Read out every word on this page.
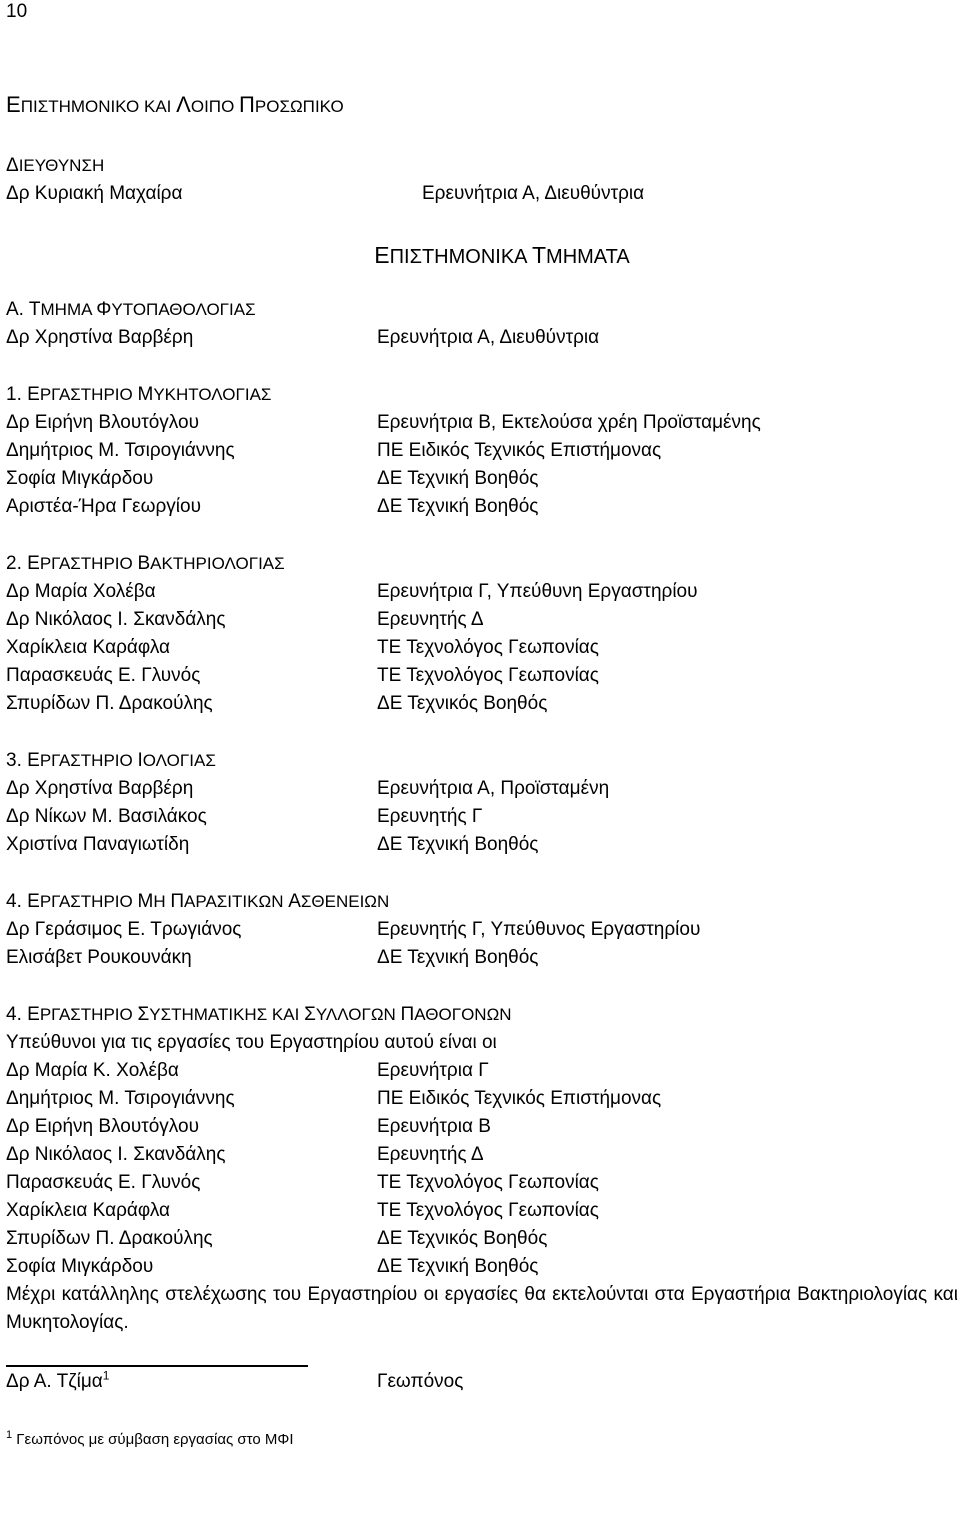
10
ΕΠΙΣΤΗΜΟΝΙΚΟ ΚΑΙ ΛΟΙΠΟ ΠΡΟΣΩΠΙΚΟ
ΔΙΕΥΘΥΝΣΗ
Δρ Κυριακή Μαχαίρα	Ερευνήτρια Α, Διευθύντρια
ΕΠΙΣΤΗΜΟΝΙΚΑ ΤΜΗΜΑΤΑ
Α. ΤΜΗΜΑ ΦΥΤΟΠΑΘΟΛΟΓΙΑΣ
Δρ Χρηστίνα Βαρβέρη	Ερευνήτρια Α, Διευθύντρια
1. ΕΡΓΑΣΤΗΡΙΟ ΜΥΚΗΤΟΛΟΓΙΑΣ
Δρ Ειρήνη Βλουτόγλου	Ερευνήτρια Β, Εκτελούσα χρέη Προϊσταμένης
Δημήτριος Μ. Τσιρογιάννης	ΠΕ Ειδικός Τεχνικός Επιστήμονας
Σοφία Μιγκάρδου	ΔΕ Τεχνική Βοηθός
Αριστέα-Ήρα Γεωργίου	ΔΕ Τεχνική Βοηθός
2. ΕΡΓΑΣΤΗΡΙΟ ΒΑΚΤΗΡΙΟΛΟΓΙΑΣ
Δρ Μαρία Χολέβα	Ερευνήτρια Γ, Υπεύθυνη Εργαστηρίου
Δρ Νικόλαος Ι. Σκανδάλης	Ερευνητής Δ
Χαρίκλεια Καράφλα	ΤΕ Τεχνολόγος Γεωπονίας
Παρασκευάς Ε. Γλυνός	ΤΕ Τεχνολόγος Γεωπονίας
Σπυρίδων Π. Δρακούλης	ΔΕ Τεχνικός Βοηθός
3. ΕΡΓΑΣΤΗΡΙΟ ΙΟΛΟΓΙΑΣ
Δρ Χρηστίνα Βαρβέρη	Ερευνήτρια Α, Προϊσταμένη
Δρ Νίκων Μ. Βασιλάκος	Ερευνητής Γ
Χριστίνα Παναγιωτίδη	ΔΕ Τεχνική Βοηθός
4. ΕΡΓΑΣΤΗΡΙΟ ΜΗ ΠΑΡΑΣΙΤΙΚΩΝ ΑΣΘΕΝΕΙΩΝ
Δρ Γεράσιμος Ε. Τρωγιάνος	Ερευνητής Γ, Υπεύθυνος Εργαστηρίου
Ελισάβετ Ρουκουνάκη	ΔΕ Τεχνική Βοηθός
4. ΕΡΓΑΣΤΗΡΙΟ ΣΥΣΤΗΜΑΤΙΚΗΣ ΚΑΙ ΣΥΛΛΟΓΩΝ ΠΑΘΟΓΟΝΩΝ
Υπεύθυνοι για τις εργασίες του Εργαστηρίου αυτού είναι οι
Δρ Μαρία Κ. Χολέβα	Ερευνήτρια Γ
Δημήτριος Μ. Τσιρογιάννης	ΠΕ Ειδικός Τεχνικός Επιστήμονας
Δρ Ειρήνη Βλουτόγλου	Ερευνήτρια Β
Δρ Νικόλαος Ι. Σκανδάλης	Ερευνητής Δ
Παρασκευάς Ε. Γλυνός	ΤΕ Τεχνολόγος Γεωπονίας
Χαρίκλεια Καράφλα	ΤΕ Τεχνολόγος Γεωπονίας
Σπυρίδων Π. Δρακούλης	ΔΕ Τεχνικός Βοηθός
Σοφία Μιγκάρδου	ΔΕ Τεχνική Βοηθός
Μέχρι κατάλληλης στελέχωσης του Εργαστηρίου οι εργασίες θα εκτελούνται στα Εργαστήρια Βακτηριολογίας και Μυκητολογίας.
Δρ Α. Τζίμα$^1$	Γεωπόνος
$^1$ Γεωπόνος με σύμβαση εργασίας στο ΜΦΙ
